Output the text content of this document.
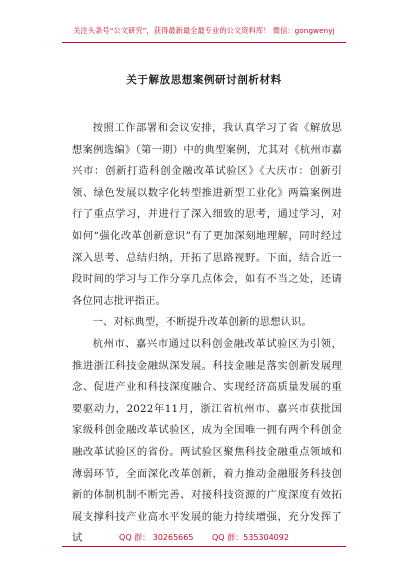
关注头条号“公文研究”，获得最新最全最专业的公文资料库！ 微信：gongwenyj
关于解放思想案例研讨剖析材料

按照工作部署和会议安排，我认真学习了省《解放思想案例选编》（第一期）中的典型案例，尤其对《杭州市嘉兴市：创新打造科创金融改革试验区》《大庆市：创新引领、绿色发展以数字化转型推进新型工业化》两篇案例进行了重点学习，并进行了深入细致的思考，通过学习，对如何“强化改革创新意识”有了更加深刻地理解，同时经过深入思考、总结归纳，开拓了思路视野。下面，结合近一段时间的学习与工作分享几点体会，如有不当之处，还请各位同志批评指正。

一、对标典型，不断提升改革创新的思想认识。

杭州市、嘉兴市通过以科创金融改革试验区为引领，推进浙江科技金融纵深发展。科技金融是落实创新发展理念、促进产业和科技深度融合、实现经济高质量发展的重要驱动力，2022年11月，浙江省杭州市、嘉兴市获批国家级科创金融改革试验区，成为全国唯一拥有两个科创金融改革试验区的省份。两试验区聚焦科技金融重点领域和薄弱环节，全面深化改革创新，着力推动金融服务科技创新的体制机制不断完善、对接科技资源的广度深度有效拓展支撑科技产业高水平发展的能力持续增强，充分发挥了试	QQ 群： 30265665 QQ 群：535304092
